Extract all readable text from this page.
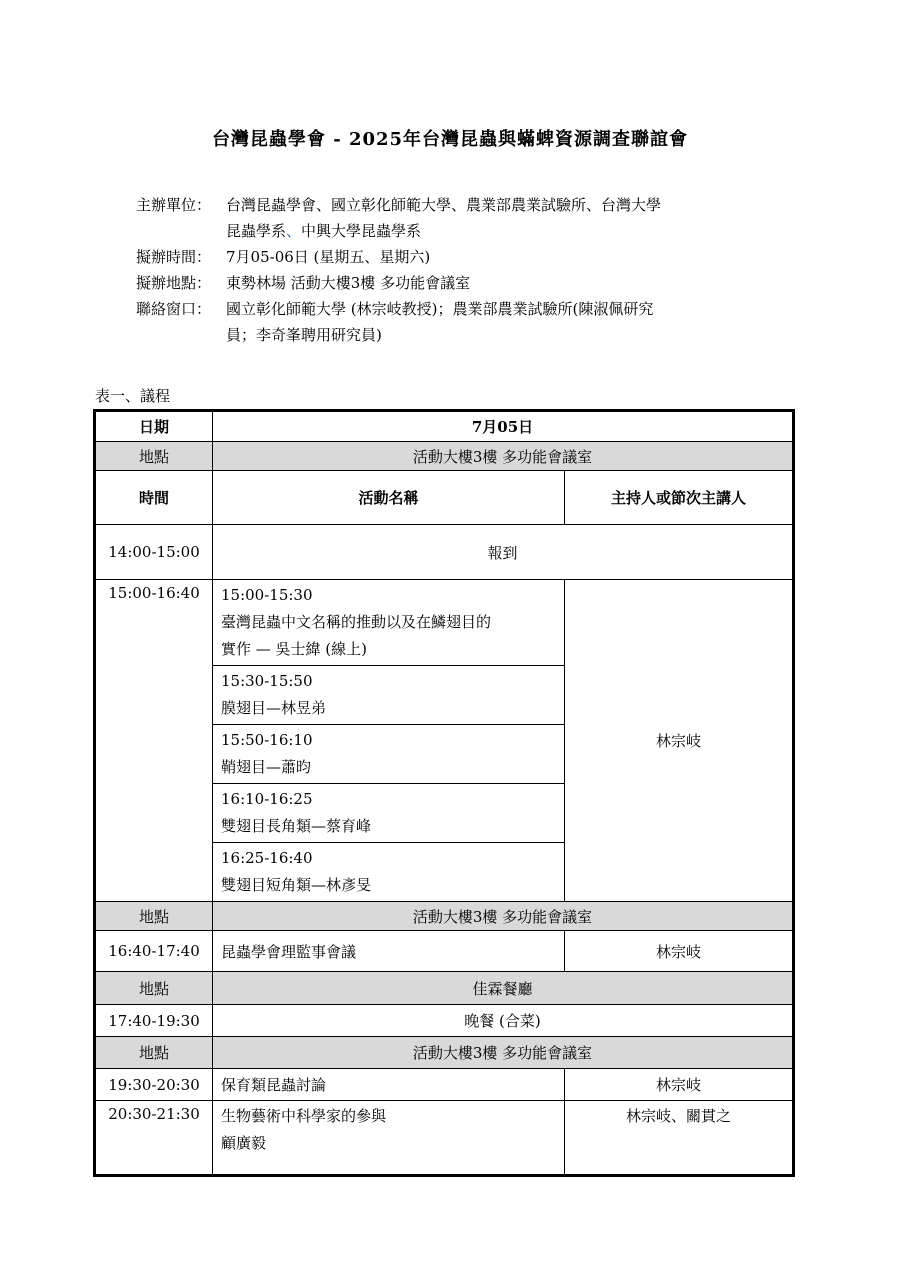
台灣昆蟲學會 - 2025年台灣昆蟲與蟎蜱資源調查聯誼會
主辦單位： 台灣昆蟲學會、國立彰化師範大學、農業部農業試驗所、台灣大學
昆蟲學系、中興大學昆蟲學系
擬辦時間： 7月05-06日 (星期五、星期六)
擬辦地點： 東勢林場 活動大樓3樓 多功能會議室
聯絡窗口： 國立彰化師範大學 (林宗岐教授)；農業部農業試驗所(陳淑佩研究
員；李奇峯聘用研究員)
表一、議程
日期	7月05日	
地點	活動大樓3樓 多功能會議室	
時間	活動名稱	主持人或節次主講人
14:00-15:00	報到	
15:00-16:40	15:00-15:30
臺灣昆蟲中文名稱的推動以及在鱗翅目的
實作 — 吳士緯 (線上)	林宗岐

	15:30-15:50
膜翅目—林昱弟	

	15:50-16:10
鞘翅目—蕭昀	

	16:10-16:25
雙翅目長角類—蔡育峰	

	16:25-16:40
雙翅目短角類—林彥旻	

地點	活動大樓3樓 多功能會議室	
16:40-17:40	昆蟲學會理監事會議	林宗岐
地點	佳霖餐廳	
17:40-19:30	晚餐 (合菜)	
地點	活動大樓3樓 多功能會議室	
19:30-20:30	保育類昆蟲討論	林宗岐
20:30-21:30	生物藝術中科學家的參與
顧廣毅	林宗岐、關貫之
